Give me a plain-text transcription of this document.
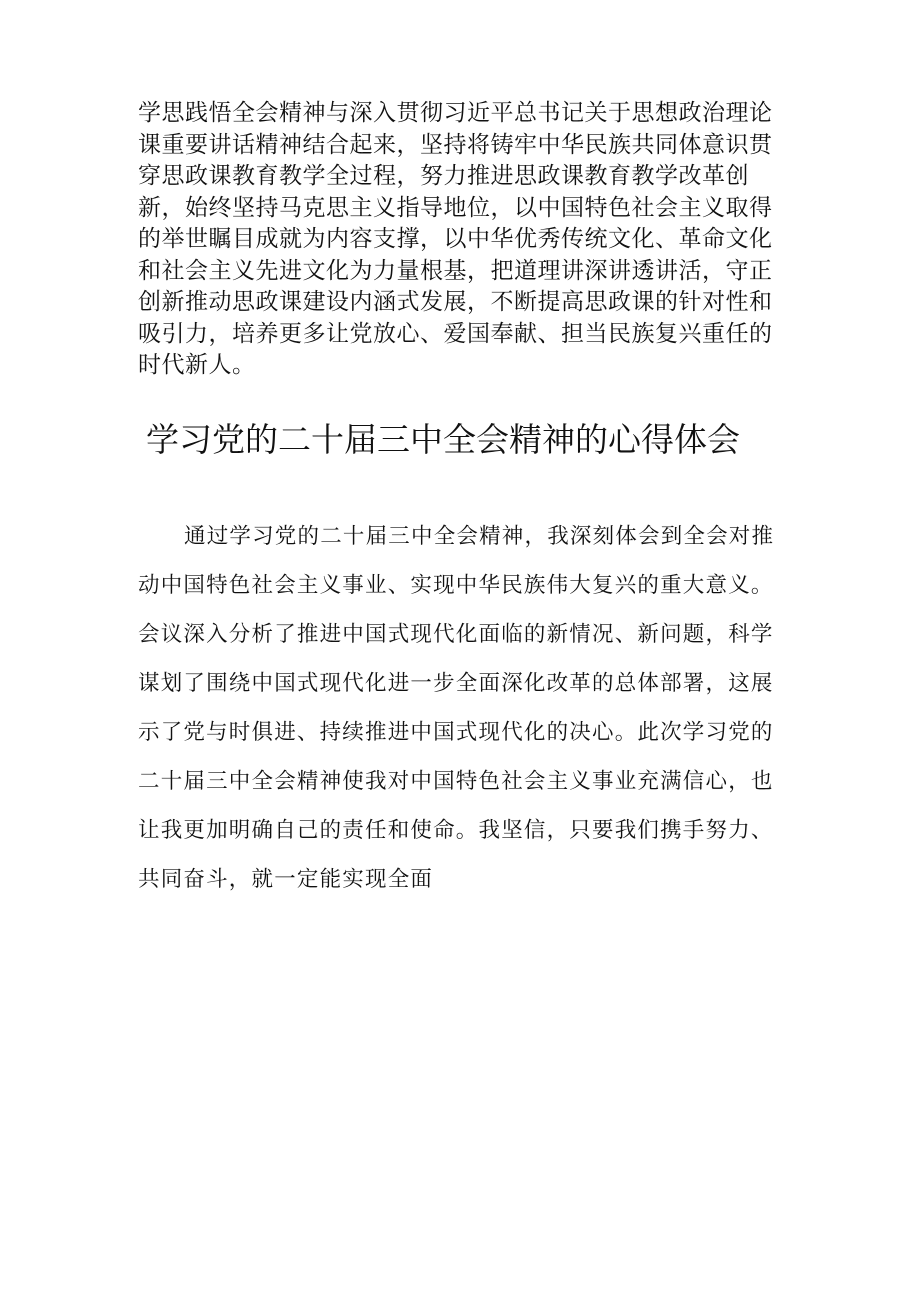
学思践悟全会精神与深入贯彻习近平总书记关于思想政治理论课重要讲话精神结合起来，坚持将铸牢中华民族共同体意识贯穿思政课教育教学全过程，努力推进思政课教育教学改革创新，始终坚持马克思主义指导地位，以中国特色社会主义取得的举世瞩目成就为内容支撑，以中华优秀传统文化、革命文化和社会主义先进文化为力量根基，把道理讲深讲透讲活，守正创新推动思政课建设内涵式发展，不断提高思政课的针对性和吸引力，培养更多让党放心、爱国奉献、担当民族复兴重任的时代新人。

学习党的二十届三中全会精神的心得体会

通过学习党的二十届三中全会精神，我深刻体会到全会对推动中国特色社会主义事业、实现中华民族伟大复兴的重大意义。会议深入分析了推进中国式现代化面临的新情况、新问题，科学谋划了围绕中国式现代化进一步全面深化改革的总体部署，这展示了党与时俱进、持续推进中国式现代化的决心。此次学习党的二十届三中全会精神使我对中国特色社会主义事业充满信心，也让我更加明确自己的责任和使命。我坚信，只要我们携手努力、共同奋斗，就一定能实现全面
